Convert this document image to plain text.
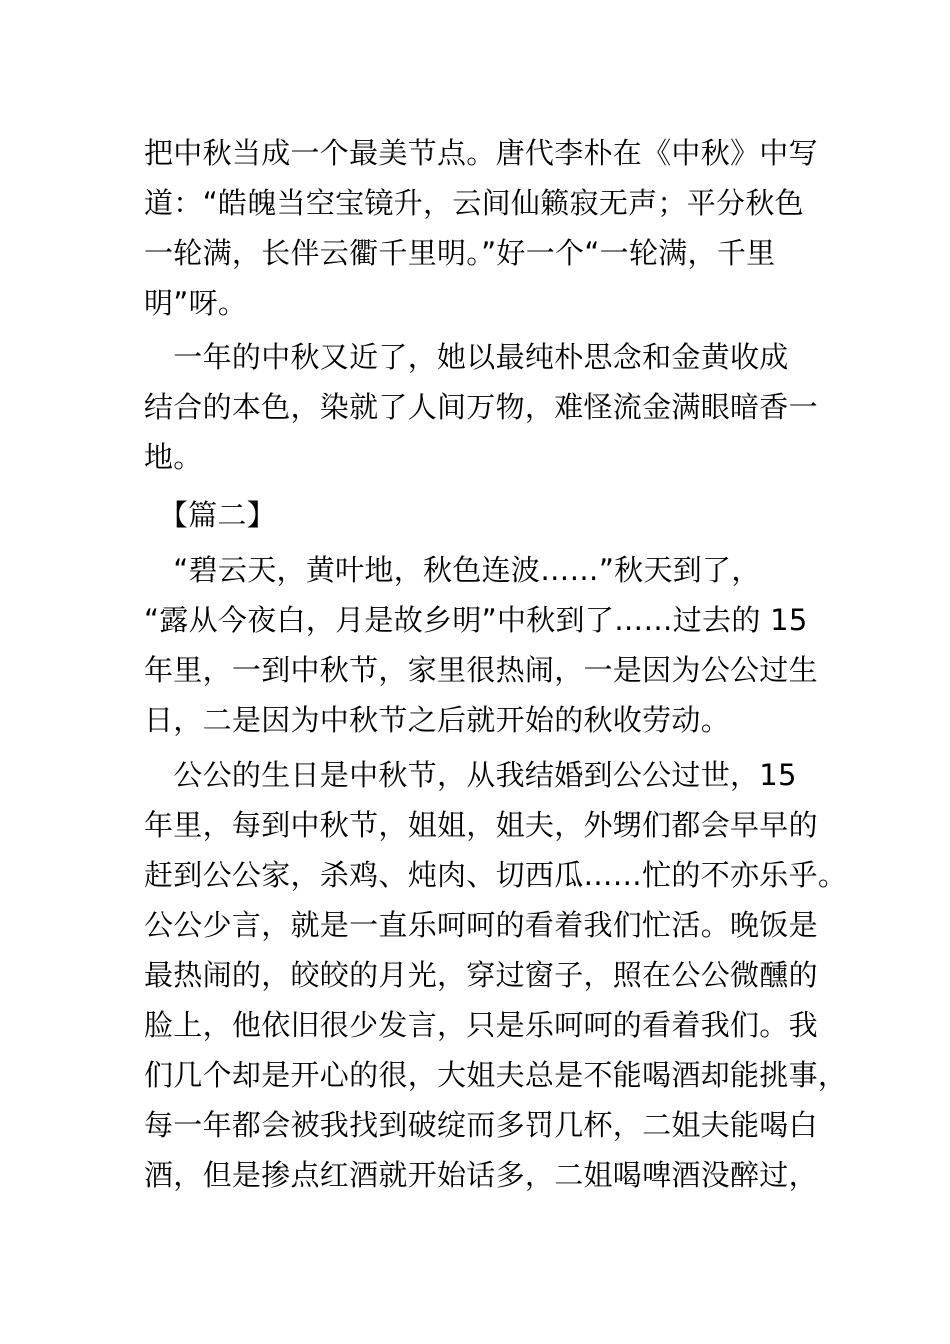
把中秋当成一个最美节点。唐代李朴在《中秋》中写
道：“皓魄当空宝镜升，云间仙籁寂无声；平分秋色
一轮满，长伴云衢千里明。”好一个“一轮满，千里
明”呀。
　一年的中秋又近了，她以最纯朴思念和金黄收成
结合的本色，染就了人间万物，难怪流金满眼暗香一
地。
　【篇二】
　“碧云天，黄叶地，秋色连波……”秋天到了，
“露从今夜白，月是故乡明”中秋到了……过去的 15
年里，一到中秋节，家里很热闹，一是因为公公过生
日，二是因为中秋节之后就开始的秋收劳动。
　公公的生日是中秋节，从我结婚到公公过世，15
年里，每到中秋节，姐姐，姐夫，外甥们都会早早的
赶到公公家，杀鸡、炖肉、切西瓜……忙的不亦乐乎。
公公少言，就是一直乐呵呵的看着我们忙活。晚饭是
最热闹的，皎皎的月光，穿过窗子，照在公公微醺的
脸上，他依旧很少发言，只是乐呵呵的看着我们。我
们几个却是开心的很，大姐夫总是不能喝酒却能挑事，
每一年都会被我找到破绽而多罚几杯，二姐夫能喝白
酒，但是掺点红酒就开始话多，二姐喝啤酒没醉过，
